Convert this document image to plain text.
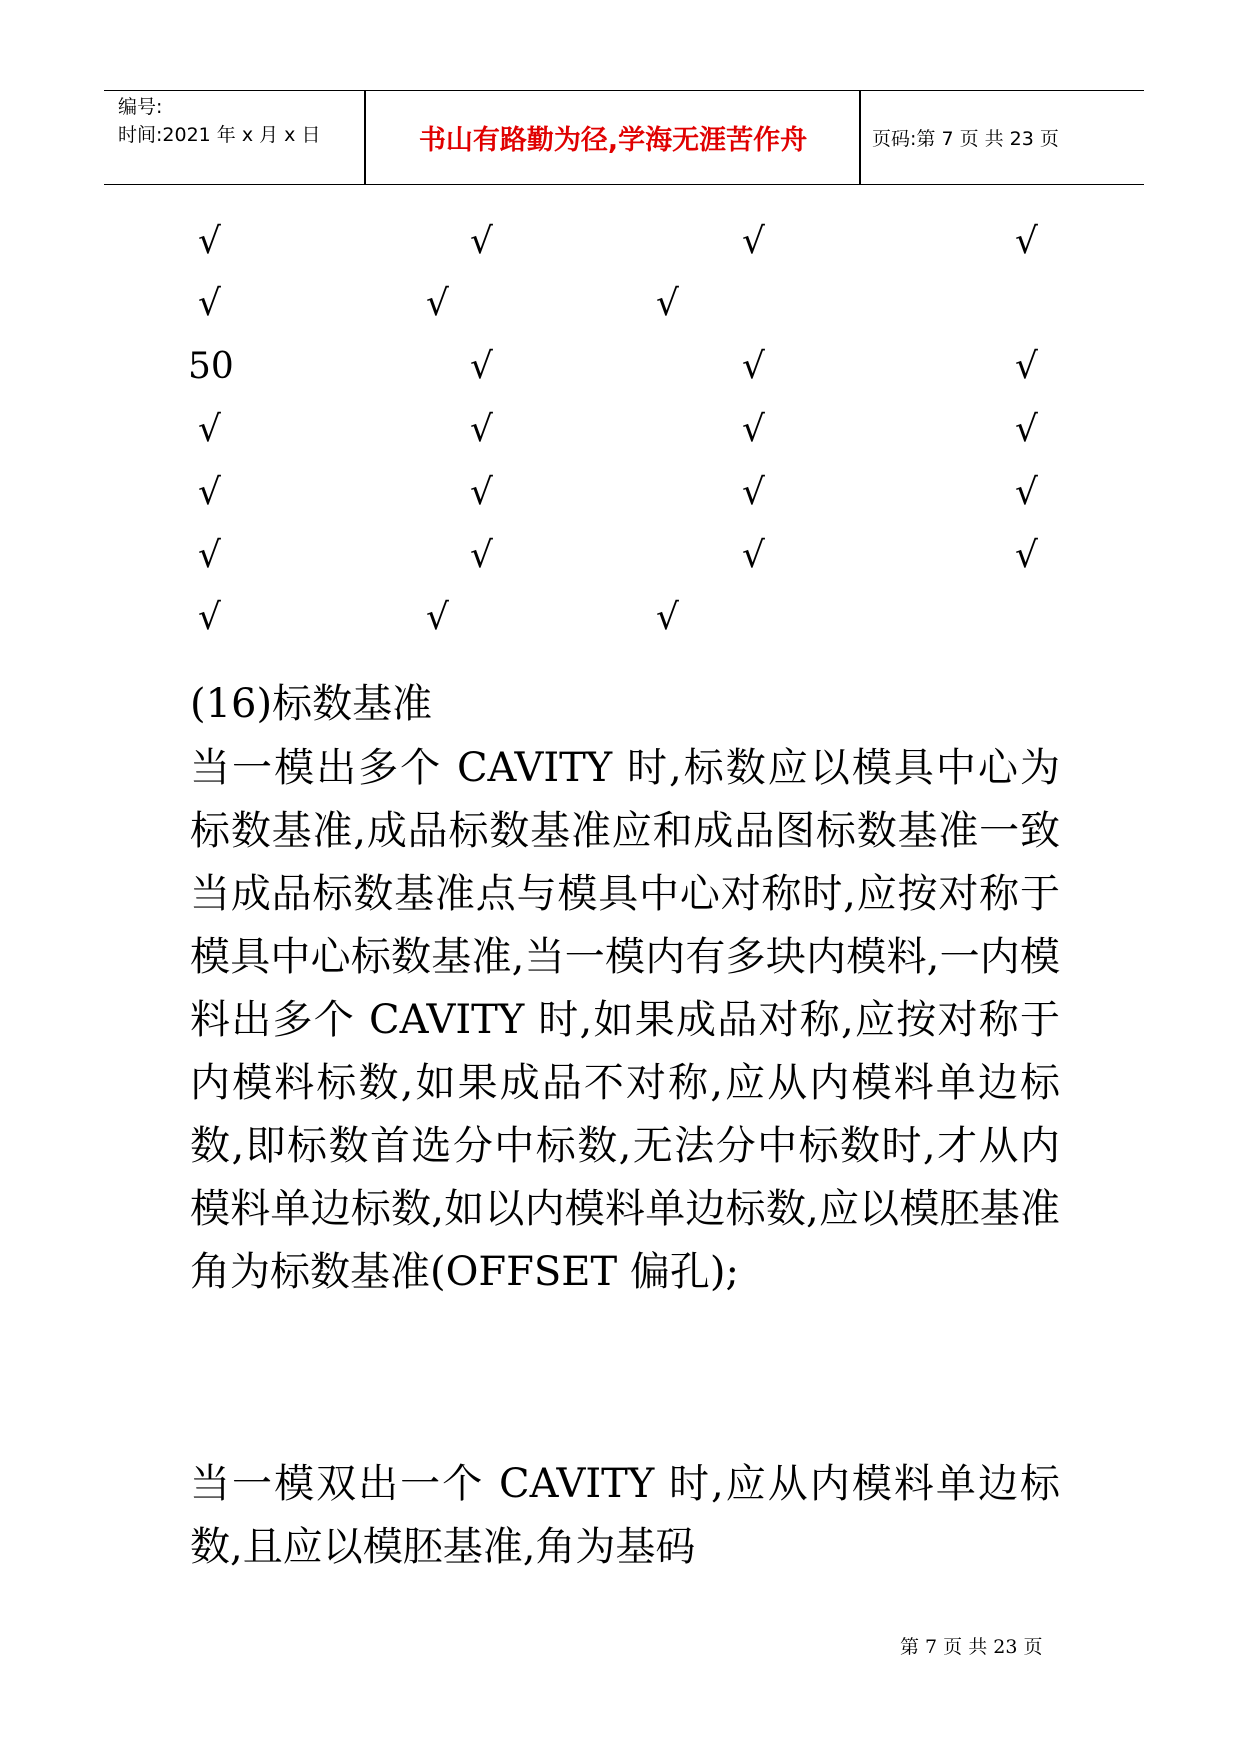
编号:
时间:2021 年 x 月 x 日	书山有路勤为径,学海无涯苦作舟	页码:第 7 页 共 23 页
√	√	√	√
√	√	√
50	√	√	√
√	√	√	√
√	√	√	√
√	√	√	√
√	√	√
(16)标数基准
当一模出多个 CAVITY 时,标数应以模具中心为标数基准,成品标数基准应和成品图标数基准一致当成品标数基准点与模具中心对称时,应按对称于模具中心标数基准,当一模内有多块内模料,一内模料出多个 CAVITY 时,如果成品对称,应按对称于内模料标数,如果成品不对称,应从内模料单边标数,即标数首选分中标数,无法分中标数时,才从内模料单边标数,如以内模料单边标数,应以模胚基准角为标数基准(OFFSET 偏孔);
当一模双出一个 CAVITY 时,应从内模料单边标数,且应以模胚基准,角为基码
第 7 页 共 23 页
